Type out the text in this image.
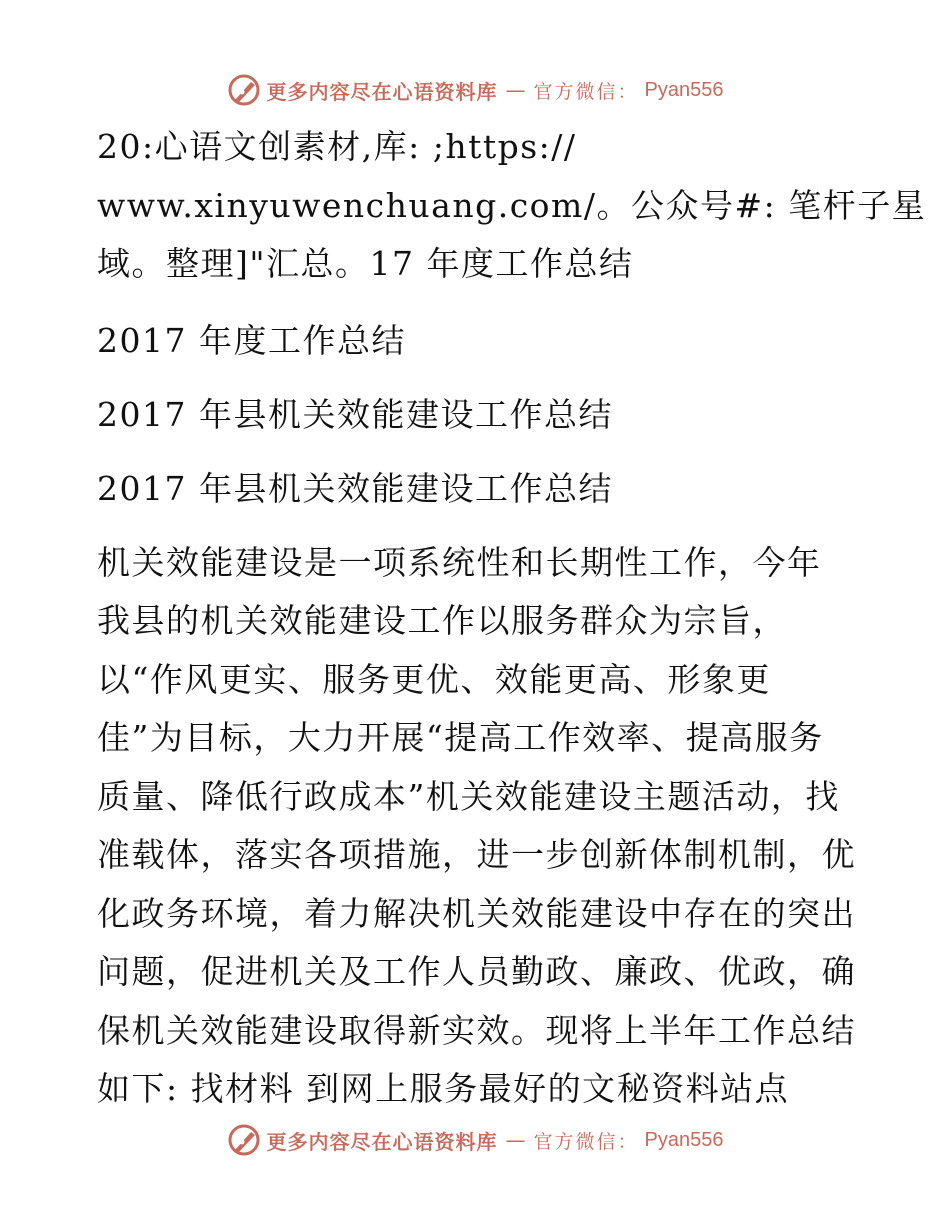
更多内容尽在心语资料库 — 官方微信： Pyan556
20:心语文创素材,库: ;https://
www.xinyuwenchuang.com/。公众号#: 笔杆子星
域。整理]"汇总。17 年度工作总结
2017 年度工作总结
2017 年县机关效能建设工作总结
2017 年县机关效能建设工作总结
机关效能建设是一项系统性和长期性工作，今年
我县的机关效能建设工作以服务群众为宗旨，
以“作风更实、服务更优、效能更高、形象更
佳”为目标，大力开展“提高工作效率、提高服务
质量、降低行政成本”机关效能建设主题活动，找
准载体，落实各项措施，进一步创新体制机制，优
化政务环境，着力解决机关效能建设中存在的突出
问题，促进机关及工作人员勤政、廉政、优政，确
保机关效能建设取得新实效。现将上半年工作总结
如下: 找材料 到网上服务最好的文秘资料站点
更多内容尽在心语资料库 — 官方微信： Pyan556
